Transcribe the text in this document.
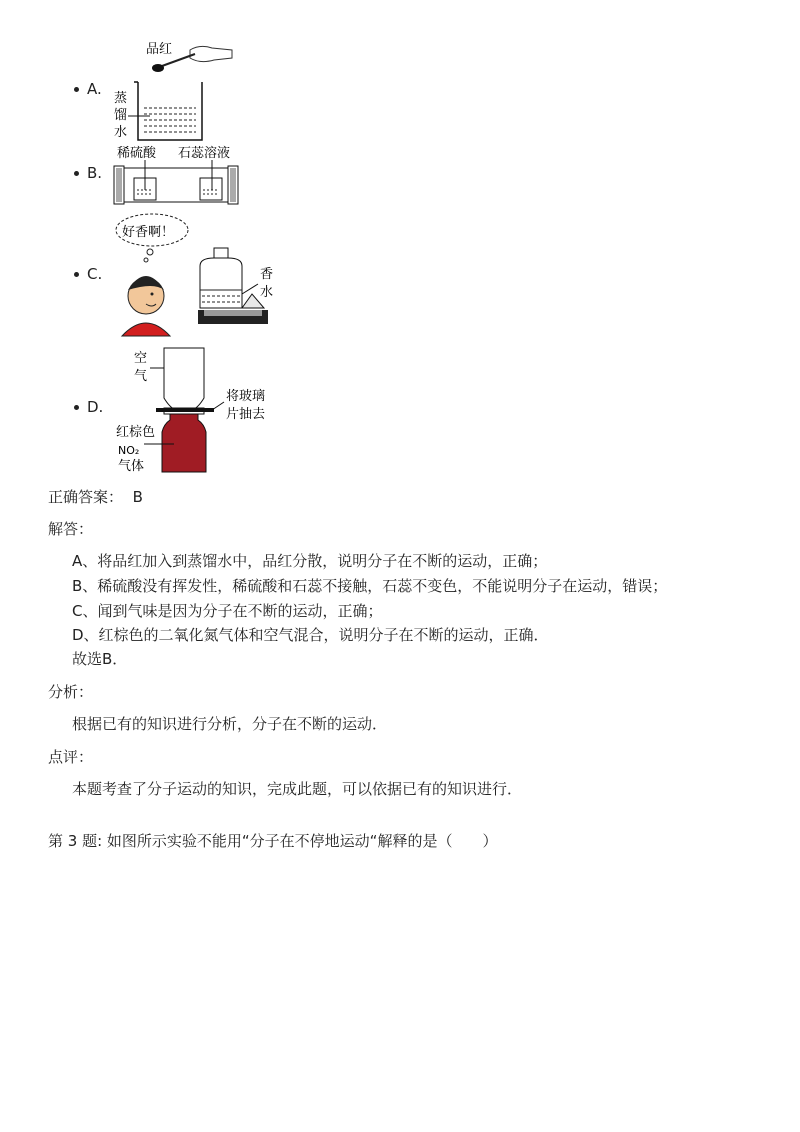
A.
品红
蒸
馏
水
B.
稀硫酸 石蕊溶液
C.
好香啊！
香
水
D.
空
气
将玻璃
片抽去
红棕色
NO₂
气体
正确答案： B
解答：
A、将品红加入到蒸馏水中，品红分散，说明分子在不断的运动，正确；
B、稀硫酸没有挥发性，稀硫酸和石蕊不接触，石蕊不变色，不能说明分子在运动，错误；
C、闻到气味是因为分子在不断的运动，正确；
D、红棕色的二氧化氮气体和空气混合，说明分子在不断的运动，正确．
故选B．
分析：
根据已有的知识进行分析，分子在不断的运动．
点评：
本题考查了分子运动的知识，完成此题，可以依据已有的知识进行．
第 3 题: 如图所示实验不能用“分子在不停地运动“解释的是（　　）
